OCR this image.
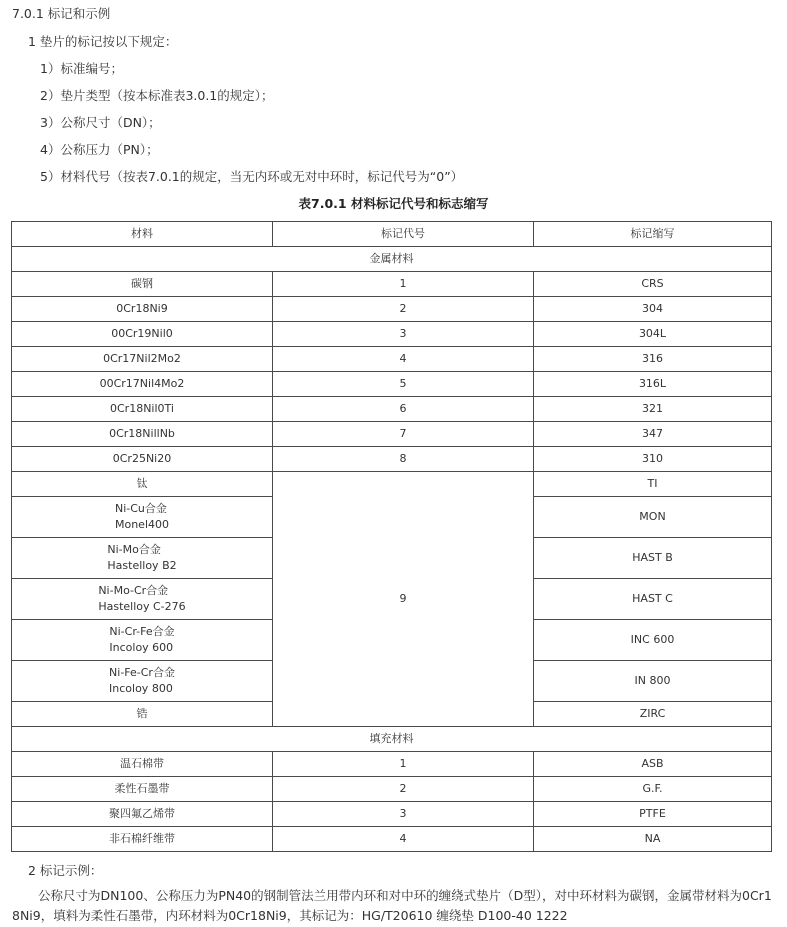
7.0.1 标记和示例
1 垫片的标记按以下规定：
1）标准编号；
2）垫片类型（按本标准表3.0.1的规定）；
3）公称尺寸（DN）；
4）公称压力（PN）；
5）材料代号（按表7.0.1的规定，当无内环或无对中环时，标记代号为“0”）
表7.0.1 材料标记代号和标志缩写
材料	标记代号	标记缩写
金属材料		
碳钢	1	CRS
0Cr18Ni9	2	304
00Cr19Nil0	3	304L
0Cr17Nil2Mo2	4	316
00Cr17Nil4Mo2	5	316L
0Cr18Nil0Ti	6	321
0Cr18NillNb	7	347
0Cr25Ni20	8	310
钛	9	TI

Ni-Cu合金
Monel400		MON

Ni-Mo合金
Hastelloy B2		HAST B

Ni-Mo-Cr合金
Hastelloy C-276		HAST C

Ni-Cr-Fe合金
Incoloy 600		INC 600

Ni-Fe-Cr合金
Incoloy 800		IN 800
锆		ZIRC
填充材料		
温石棉带	1	ASB
柔性石墨带	2	G.F.
聚四氟乙烯带	3	PTFE
非石棉纤维带	4	NA
2 标记示例：
公称尺寸为DN100、公称压力为PN40的钢制管法兰用带内环和对中环的缠绕式垫片（D型），对中环材料为碳钢，金属带材料为0Cr18Ni9，填料为柔性石墨带，内环材料为0Cr18Ni9，其标记为：HG/T20610 缠绕垫 D100-40 1222
